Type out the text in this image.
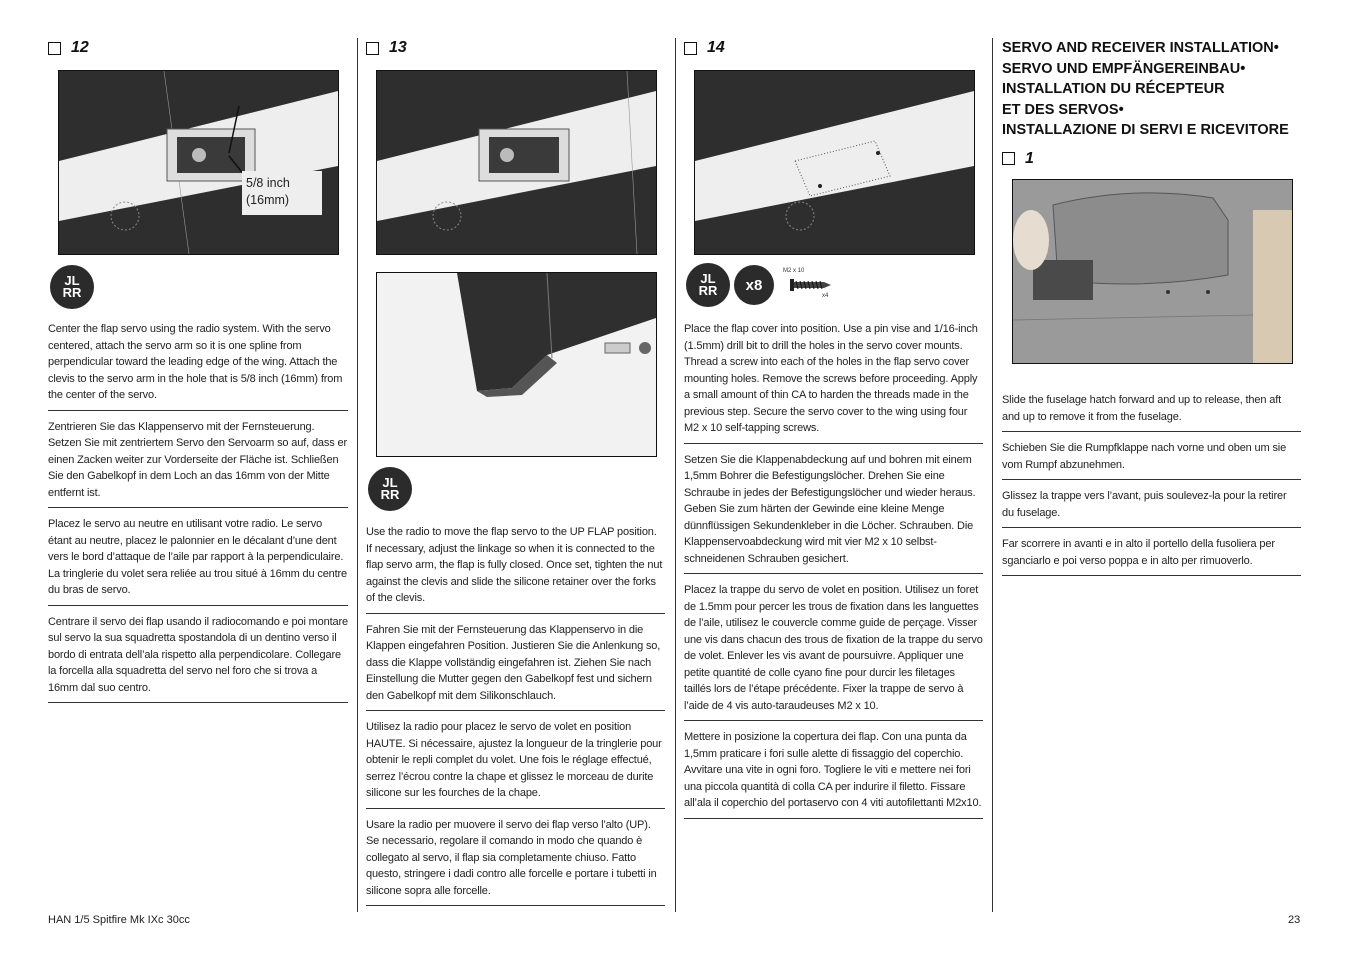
12
5/8 inch
(16mm)
JL
RR
Center the flap servo using the radio system. With the servo centered, attach the servo arm so it is one spline from perpendicular toward the leading edge of the wing. Attach the clevis to the servo arm in the hole that is 5/8 inch (16mm) from the center of the servo.
Zentrieren Sie das Klappenservo mit der Fernsteuerung. Setzen Sie mit zentriertem Servo den Servoarm so auf, dass er einen Zacken weiter zur Vorderseite der Fläche ist. Schließen Sie den Gabelkopf in dem Loch an das 16mm von der Mitte entfernt ist.
Placez le servo au neutre en utilisant votre radio. Le servo étant au neutre, placez le palonnier en le décalant d’une dent vers le bord d’attaque de l’aile par rapport à la perpendiculaire. La tringlerie du volet sera reliée au trou situé à 16mm du centre du bras de servo.
Centrare il servo dei flap usando il radiocomando e poi montare sul servo la sua squadretta spostandola di un dentino verso il bordo di entrata dell’ala rispetto alla perpendicolare. Collegare la forcella alla squadretta del servo nel foro che si trova a 16mm dal suo centro.
13
JL
RR
Use the radio to move the flap servo to the UP FLAP position. If necessary, adjust the linkage so when it is connected to the flap servo arm, the flap is fully closed. Once set, tighten the nut against the clevis and slide the silicone retainer over the forks of the clevis.
Fahren Sie mit der Fernsteuerung das Klappenservo in die Klappen eingefahren Position. Justieren Sie die Anlenkung so, dass die Klappe vollständig eingefahren ist. Ziehen Sie nach Einstellung die Mutter gegen den Gabelkopf fest und sichern den Gabelkopf mit dem Silikonschlauch.
Utilisez la radio pour placez le servo de volet en position HAUTE. Si nécessaire, ajustez la longueur de la tringlerie pour obtenir le repli complet du volet. Une fois le réglage effectué, serrez l’écrou contre la chape et glissez le morceau de durite silicone sur les fourches de la chape.
Usare la radio per muovere il servo dei flap verso l’alto (UP). Se necessario, regolare il comando in modo che quando è collegato al servo, il flap sia completamente chiuso. Fatto questo, stringere i dadi contro alle forcelle e portare i tubetti in silicone sopra alle forcelle.
14
JL
RR	x8
M2 x 10
x4
Place the flap cover into position. Use a pin vise and 1/16-inch (1.5mm) drill bit to drill the holes in the servo cover mounts. Thread a screw into each of the holes in the flap servo cover mounting holes. Remove the screws before proceeding. Apply a small amount of thin CA to harden the threads made in the previous step. Secure the servo cover to the wing using four M2 x 10 self-tapping screws.
Setzen Sie die Klappenabdeckung auf und bohren mit einem 1,5mm Bohrer die Befestigungslöcher. Drehen Sie eine Schraube in jedes der Befestigungslöcher und wieder heraus. Geben Sie zum härten der Gewinde eine kleine Menge dünnflüssigen Sekundenkleber in die Löcher. Schrauben. Die Klappenservoabdeckung wird mit vier M2 x 10 selbst-schneidenen Schrauben gesichert.
Placez la trappe du servo de volet en position. Utilisez un foret de 1.5mm pour percer les trous de fixation dans les languettes de l’aile, utilisez le couvercle comme guide de perçage. Visser une vis dans chacun des trous de fixation de la trappe du servo de volet. Enlever les vis avant de poursuivre. Appliquer une petite quantité de colle cyano fine pour durcir les filetages taillés lors de l’étape précédente. Fixer la trappe de servo à l’aide de 4 vis auto-taraudeuses M2 x 10.
Mettere in posizione la copertura dei flap. Con una punta da 1,5mm praticare i fori sulle alette di fissaggio del coperchio. Avvitare una vite in ogni foro. Togliere le viti e mettere nei fori una piccola quantità di colla CA per indurire il filetto. Fissare all’ala il coperchio del portaservo con 4 viti autofilettanti M2x10.
SERVO AND RECEIVER INSTALLATION•
SERVO UND EMPFÄNGEREINBAU•
INSTALLATION DU RÉCEPTEUR
ET DES SERVOS•
INSTALLAZIONE DI SERVI E RICEVITORE
1
Slide the fuselage hatch forward and up to release, then aft and up to remove it from the fuselage.
Schieben Sie die Rumpfklappe nach vorne und oben um sie vom Rumpf abzunehmen.
Glissez la trappe vers l’avant, puis soulevez-la pour la retirer du fuselage.
Far scorrere in avanti e in alto il portello della fusoliera per sganciarlo e poi verso poppa e in alto per rimuoverlo.
HAN 1/5 Spitfire Mk IXc 30cc	23
